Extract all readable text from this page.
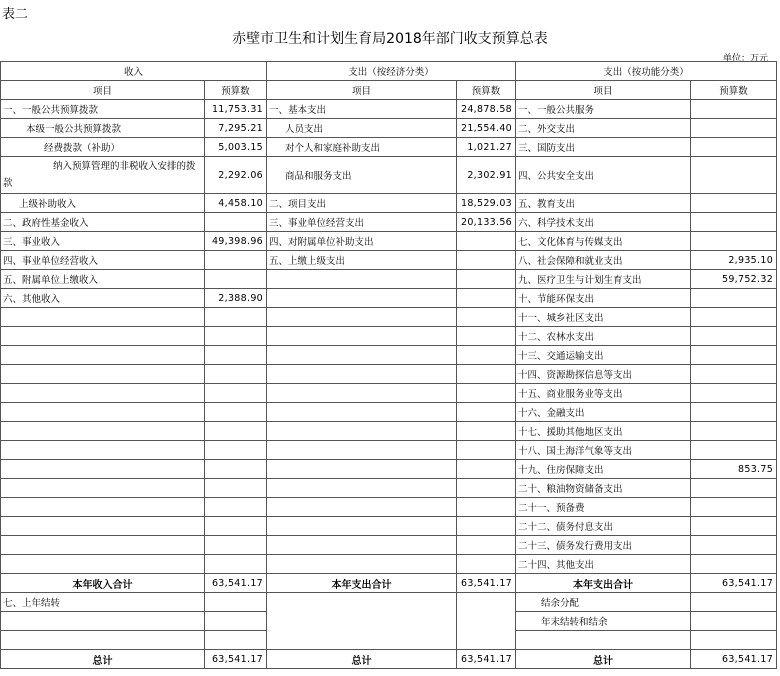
表二
赤壁市卫生和计划生育局2018年部门收支预算总表
单位：万元
收入		支出（按经济分类）		支出（按功能分类）	
项目	预算数	项目	预算数	项目	预算数
一、一般公共预算拨款	11,753.31	一、基本支出	24,878.58	一、一般公共服务	
本级一般公共预算拨款	7,295.21	人员支出	21,554.40	二、外交支出	
经费拨款（补助）	5,003.15	对个人和家庭补助支出	1,021.27	三、国防支出	
纳入预算管理的非税收入安排的拨款	2,292.06	商品和服务支出	2,302.91	四、公共安全支出	
上级补助收入	4,458.10	二、项目支出	18,529.03	五、教育支出	
二、政府性基金收入		三、事业单位经营支出	20,133.56	六、科学技术支出	
三、事业收入	49,398.96	四、对附属单位补助支出		七、文化体育与传媒支出	
四、事业单位经营收入		五、上缴上级支出		八、社会保障和就业支出	2,935.10
五、附属单位上缴收入				九、医疗卫生与计划生育支出	59,752.32
六、其他收入	2,388.90			十、节能环保支出	
				十一、城乡社区支出	
				十二、农林水支出	
				十三、交通运输支出	
				十四、资源勘探信息等支出	
				十五、商业服务业等支出	
				十六、金融支出	
				十七、援助其他地区支出	
				十八、国土海洋气象等支出	
				十九、住房保障支出	853.75
				二十、粮油物资储备支出	
				二十一、预备费	
				二十二、债务付息支出	
				二十三、债务发行费用支出	
				二十四、其他支出	
本年收入合计	63,541.17	本年支出合计	63,541.17	本年支出合计	63,541.17
七、上年结转				结余分配	
				年末结转和结余	

总计	63,541.17	总计	63,541.17	总计	63,541.17
